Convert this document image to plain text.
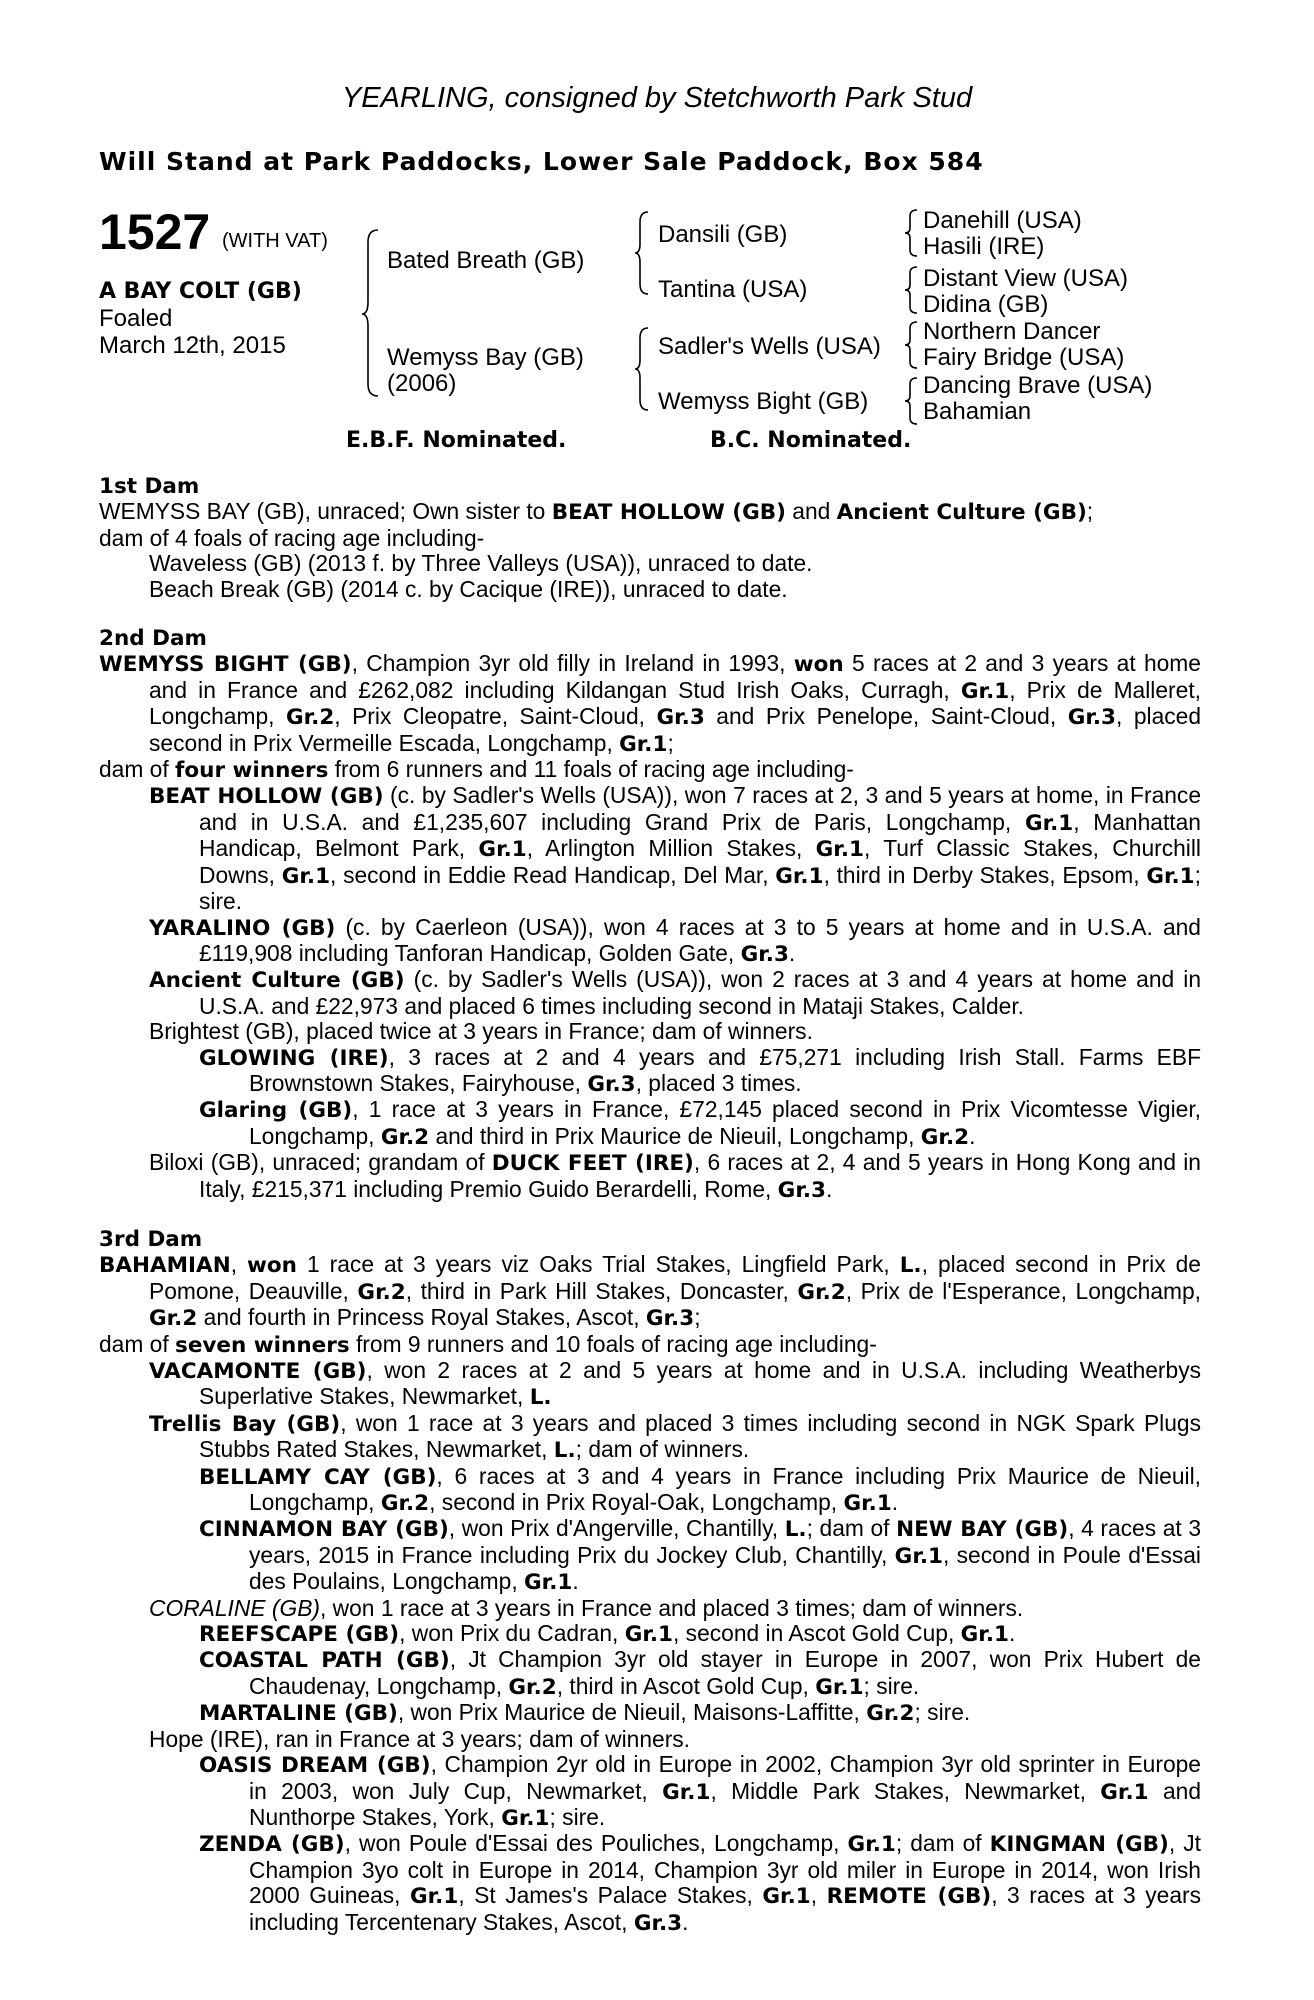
YEARLING, consigned by Stetchworth Park Stud
Will Stand at Park Paddocks, Lower Sale Paddock, Box 584
1527 (WITH VAT)
A BAY COLT (GB)
Foaled
March 12th, 2015
Bated Breath (GB)
Wemyss Bay (GB)
(2006)
Dansili (GB)
Tantina (USA)
Sadler's Wells (USA)
Wemyss Bight (GB)
Danehill (USA)
Hasili (IRE)
Distant View (USA)
Didina (GB)
Northern Dancer
Fairy Bridge (USA)
Dancing Brave (USA)
Bahamian
E.B.F. Nominated.	B.C. Nominated.
1st Dam
WEMYSS BAY (GB), unraced; Own sister to BEAT HOLLOW (GB) and Ancient Culture (GB);
dam of 4 foals of racing age including-
Waveless (GB) (2013 f. by Three Valleys (USA)), unraced to date.
Beach Break (GB) (2014 c. by Cacique (IRE)), unraced to date.
2nd Dam
WEMYSS BIGHT (GB), Champion 3yr old filly in Ireland in 1993, won 5 races at 2 and 3 years at home and in France and £262,082 including Kildangan Stud Irish Oaks, Curragh, Gr.1, Prix de Malleret, Longchamp, Gr.2, Prix Cleopatre, Saint-Cloud, Gr.3 and Prix Penelope, Saint-Cloud, Gr.3, placed second in Prix Vermeille Escada, Longchamp, Gr.1;
dam of four winners from 6 runners and 11 foals of racing age including-
BEAT HOLLOW (GB) (c. by Sadler's Wells (USA)), won 7 races at 2, 3 and 5 years at home, in France and in U.S.A. and £1,235,607 including Grand Prix de Paris, Longchamp, Gr.1, Manhattan Handicap, Belmont Park, Gr.1, Arlington Million Stakes, Gr.1, Turf Classic Stakes, Churchill Downs, Gr.1, second in Eddie Read Handicap, Del Mar, Gr.1, third in Derby Stakes, Epsom, Gr.1; sire.
YARALINO (GB) (c. by Caerleon (USA)), won 4 races at 3 to 5 years at home and in U.S.A. and £119,908 including Tanforan Handicap, Golden Gate, Gr.3.
Ancient Culture (GB) (c. by Sadler's Wells (USA)), won 2 races at 3 and 4 years at home and in U.S.A. and £22,973 and placed 6 times including second in Mataji Stakes, Calder.
Brightest (GB), placed twice at 3 years in France; dam of winners.
GLOWING (IRE), 3 races at 2 and 4 years and £75,271 including Irish Stall. Farms EBF Brownstown Stakes, Fairyhouse, Gr.3, placed 3 times.
Glaring (GB), 1 race at 3 years in France, £72,145 placed second in Prix Vicomtesse Vigier, Longchamp, Gr.2 and third in Prix Maurice de Nieuil, Longchamp, Gr.2.
Biloxi (GB), unraced; grandam of DUCK FEET (IRE), 6 races at 2, 4 and 5 years in Hong Kong and in Italy, £215,371 including Premio Guido Berardelli, Rome, Gr.3.
3rd Dam
BAHAMIAN, won 1 race at 3 years viz Oaks Trial Stakes, Lingfield Park, L., placed second in Prix de Pomone, Deauville, Gr.2, third in Park Hill Stakes, Doncaster, Gr.2, Prix de l'Esperance, Longchamp, Gr.2 and fourth in Princess Royal Stakes, Ascot, Gr.3;
dam of seven winners from 9 runners and 10 foals of racing age including-
VACAMONTE (GB), won 2 races at 2 and 5 years at home and in U.S.A. including Weatherbys Superlative Stakes, Newmarket, L.
Trellis Bay (GB), won 1 race at 3 years and placed 3 times including second in NGK Spark Plugs Stubbs Rated Stakes, Newmarket, L.; dam of winners.
BELLAMY CAY (GB), 6 races at 3 and 4 years in France including Prix Maurice de Nieuil, Longchamp, Gr.2, second in Prix Royal-Oak, Longchamp, Gr.1.
CINNAMON BAY (GB), won Prix d'Angerville, Chantilly, L.; dam of NEW BAY (GB), 4 races at 3 years, 2015 in France including Prix du Jockey Club, Chantilly, Gr.1, second in Poule d'Essai des Poulains, Longchamp, Gr.1.
CORALINE (GB), won 1 race at 3 years in France and placed 3 times; dam of winners.
REEFSCAPE (GB), won Prix du Cadran, Gr.1, second in Ascot Gold Cup, Gr.1.
COASTAL PATH (GB), Jt Champion 3yr old stayer in Europe in 2007, won Prix Hubert de Chaudenay, Longchamp, Gr.2, third in Ascot Gold Cup, Gr.1; sire.
MARTALINE (GB), won Prix Maurice de Nieuil, Maisons-Laffitte, Gr.2; sire.
Hope (IRE), ran in France at 3 years; dam of winners.
OASIS DREAM (GB), Champion 2yr old in Europe in 2002, Champion 3yr old sprinter in Europe in 2003, won July Cup, Newmarket, Gr.1, Middle Park Stakes, Newmarket, Gr.1 and Nunthorpe Stakes, York, Gr.1; sire.
ZENDA (GB), won Poule d'Essai des Pouliches, Longchamp, Gr.1; dam of KINGMAN (GB), Jt Champion 3yo colt in Europe in 2014, Champion 3yr old miler in Europe in 2014, won Irish 2000 Guineas, Gr.1, St James's Palace Stakes, Gr.1, REMOTE (GB), 3 races at 3 years including Tercentenary Stakes, Ascot, Gr.3.
